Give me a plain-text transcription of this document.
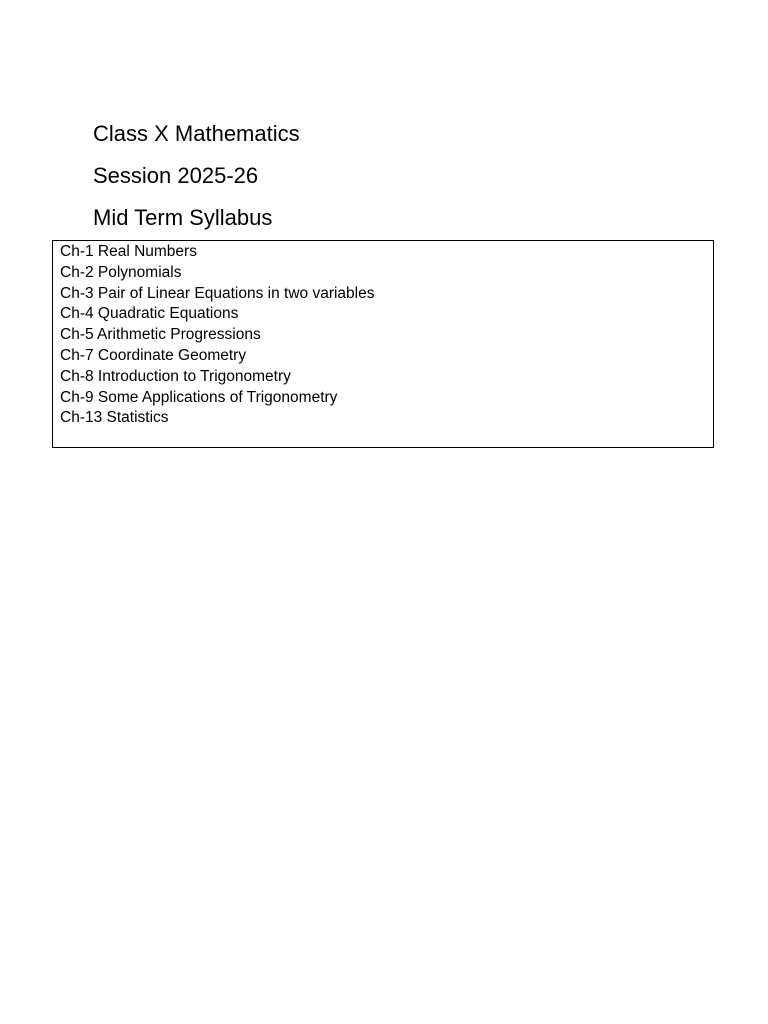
Class X Mathematics
Session 2025-26
Mid Term Syllabus
Ch-1 Real Numbers
Ch-2 Polynomials
Ch-3 Pair of Linear Equations in two variables
Ch-4 Quadratic Equations
Ch-5 Arithmetic Progressions
Ch-7 Coordinate Geometry
Ch-8 Introduction to Trigonometry
Ch-9 Some Applications of Trigonometry
Ch-13 Statistics
